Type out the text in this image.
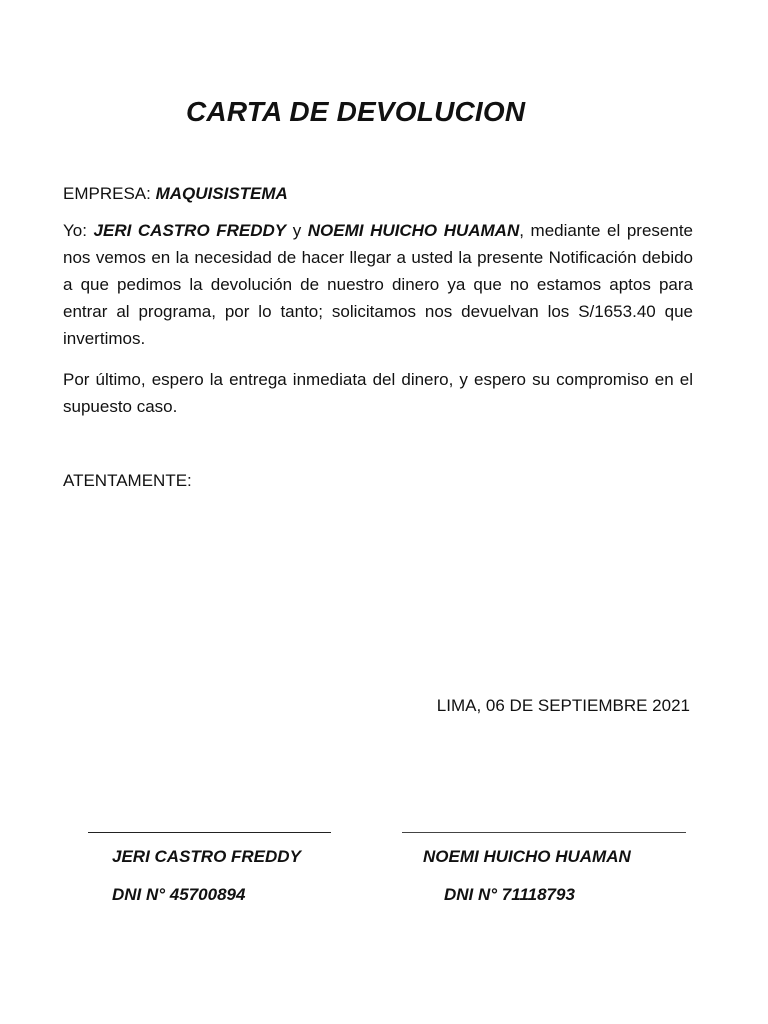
CARTA DE DEVOLUCION
EMPRESA: MAQUISISTEMA
Yo: JERI CASTRO FREDDY y NOEMI HUICHO HUAMAN, mediante el presente nos vemos en la necesidad de hacer llegar a usted la presente Notificación debido a que pedimos la devolución de nuestro dinero ya que no estamos aptos para entrar al programa, por lo tanto; solicitamos nos devuelvan los S/1653.40 que invertimos.
Por último, espero la entrega inmediata del dinero, y espero su compromiso en el supuesto caso.
ATENTAMENTE:
LIMA, 06 DE SEPTIEMBRE 2021
JERI CASTRO FREDDY
DNI N° 45700894
NOEMI HUICHO HUAMAN
DNI N° 71118793
